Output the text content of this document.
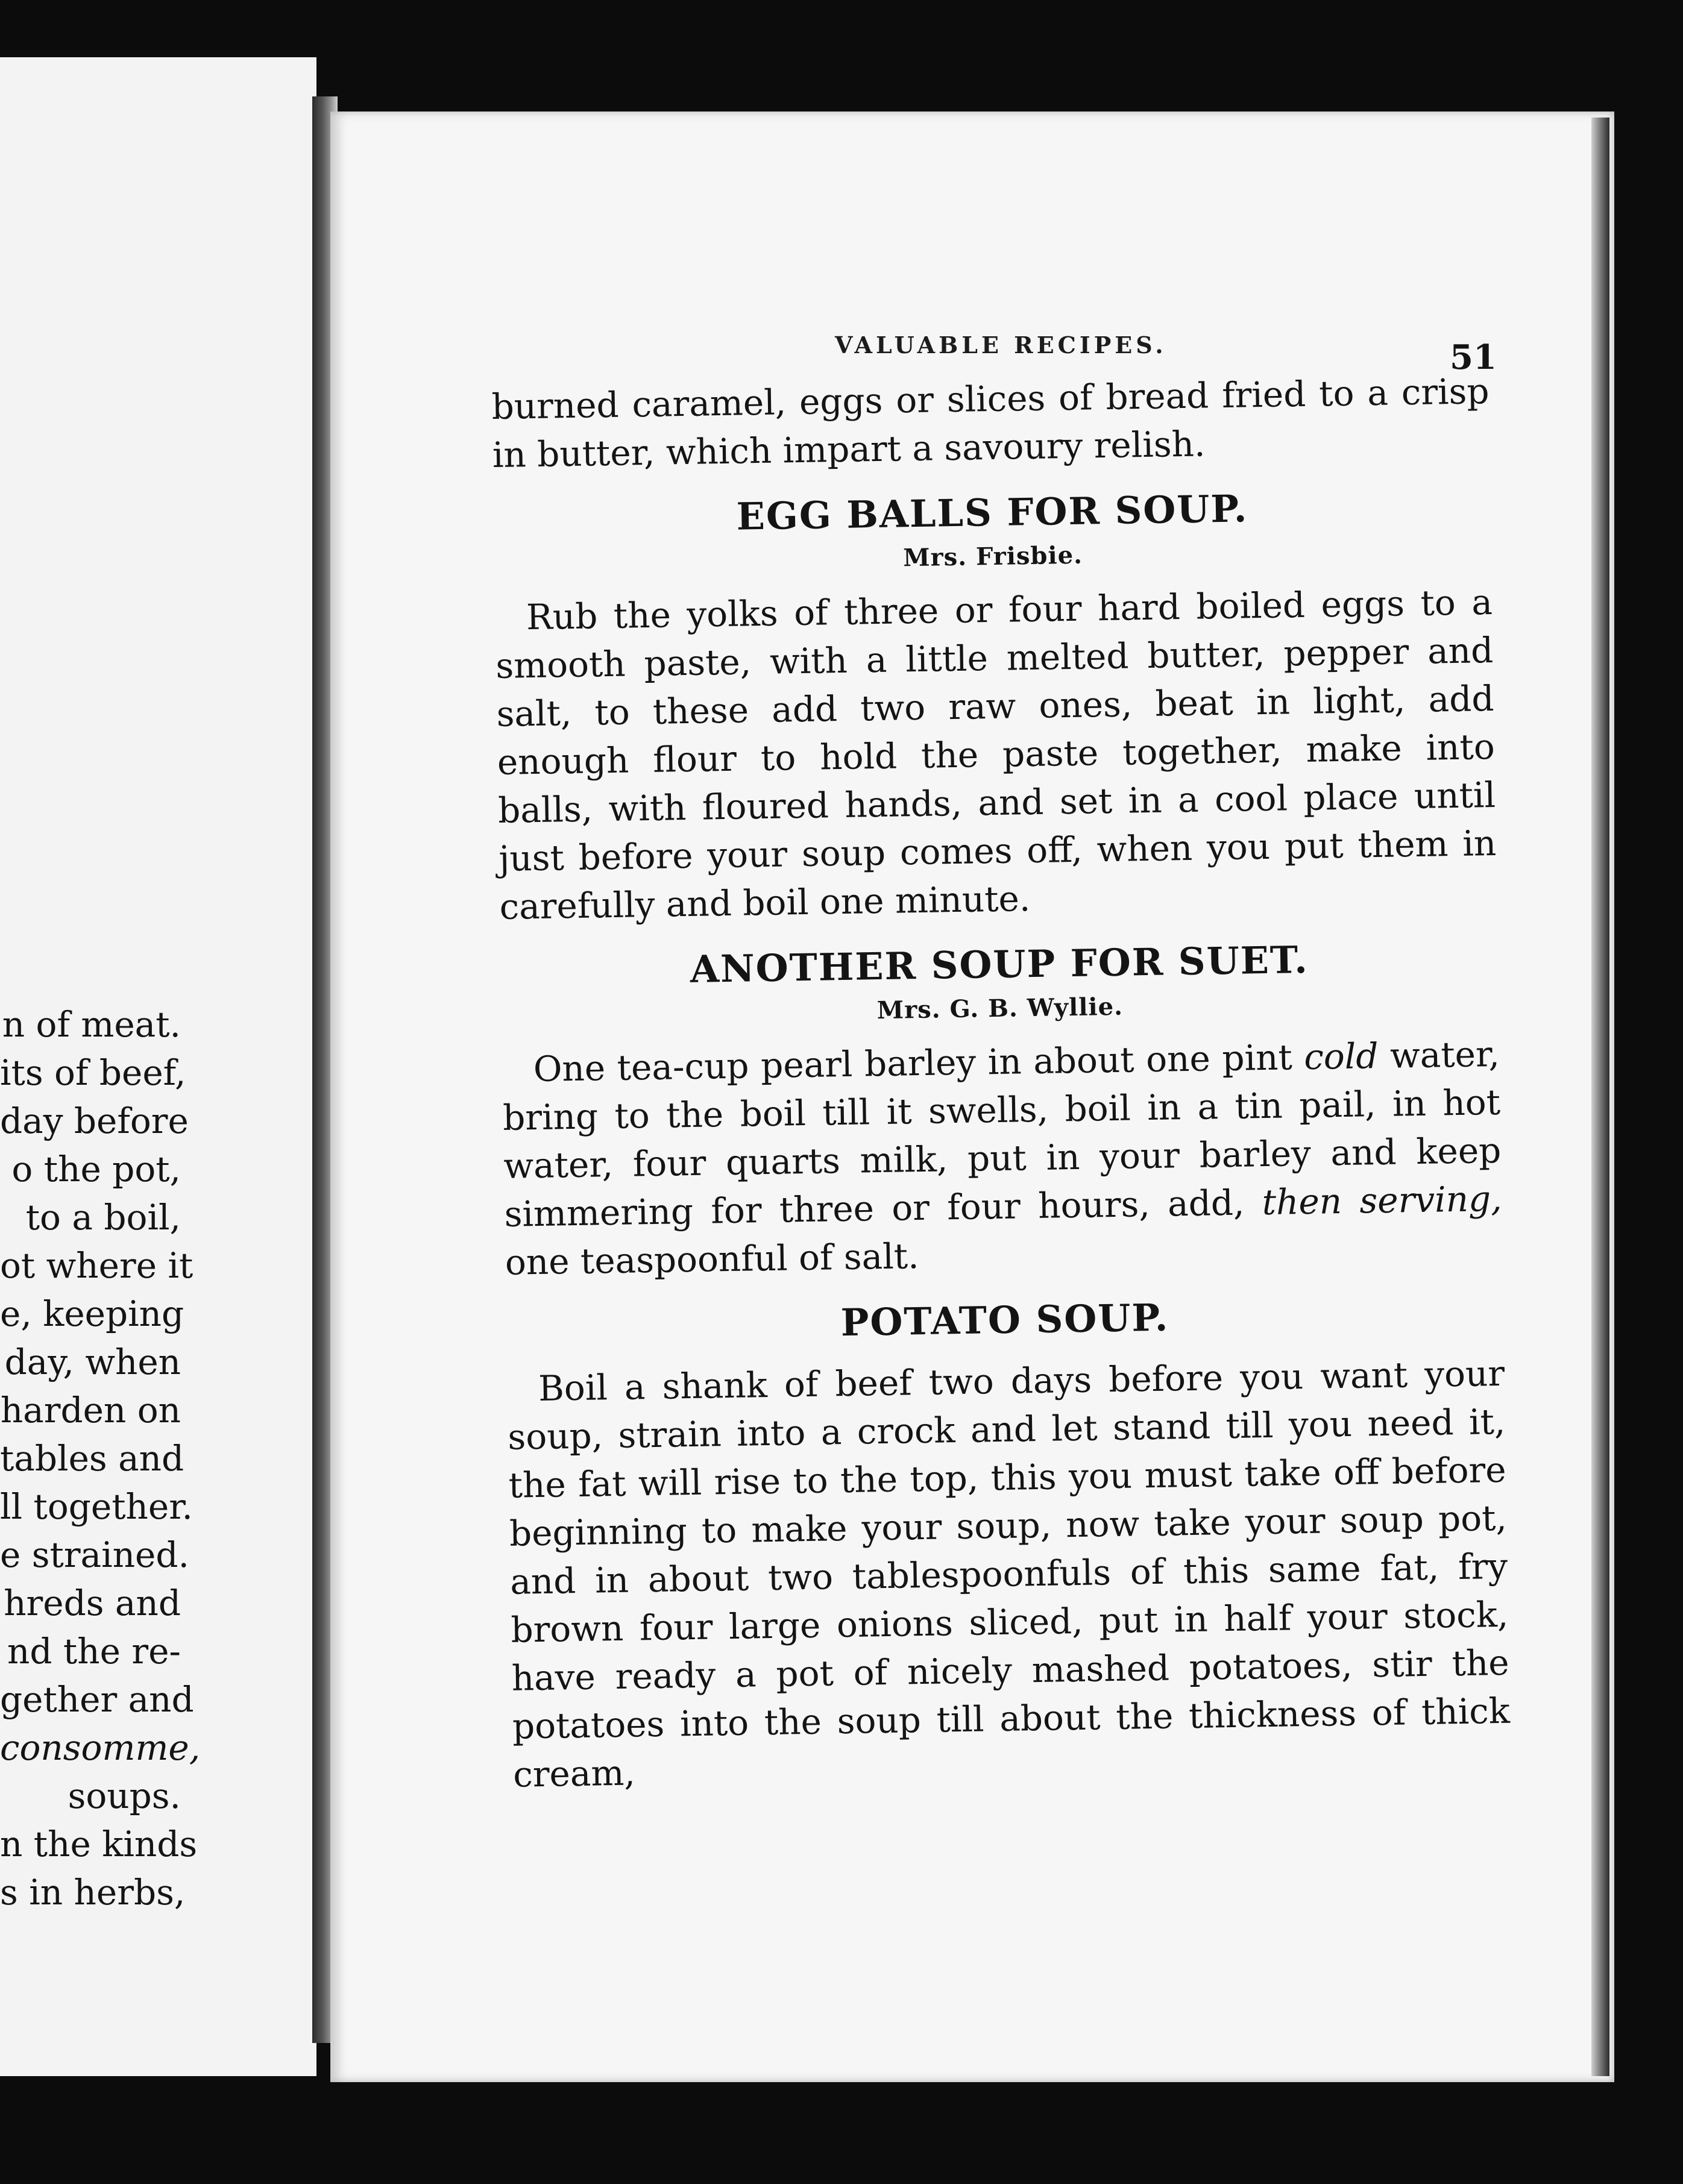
n of meat.
its of beef,
day before
o the pot,
to a boil,
ot where it
e, keeping
day, when
harden on
tables and
ll together.
e strained.
hreds and
nd the re-
gether and
consomme,
soups.
n the kinds
s in herbs,
VALUABLE RECIPES.	51

burned caramel, eggs or slices of bread fried to a crisp in butter, which impart a savoury relish.

EGG BALLS FOR SOUP.

Mrs. Frisbie.

Rub the yolks of three or four hard boiled eggs to a smooth paste, with a little melted butter, pepper and salt, to these add two raw ones, beat in light, add enough flour to hold the paste together, make into balls, with floured hands, and set in a cool place until just before your soup comes off, when you put them in carefully and boil one minute.

ANOTHER SOUP FOR SUET.

Mrs. G. B. Wyllie.

One tea-cup pearl barley in about one pint cold water, bring to the boil till it swells, boil in a tin pail, in hot water, four quarts milk, put in your barley and keep simmering for three or four hours, add, then serving, one teaspoonful of salt.

POTATO SOUP.

Boil a shank of beef two days before you want your soup, strain into a crock and let stand till you need it, the fat will rise to the top, this you must take off before beginning to make your soup, now take your soup pot, and in about two tablespoonfuls of this same fat, fry brown four large onions sliced, put in half your stock, have ready a pot of nicely mashed potatoes, stir the potatoes into the soup till about the thickness of thick cream,
